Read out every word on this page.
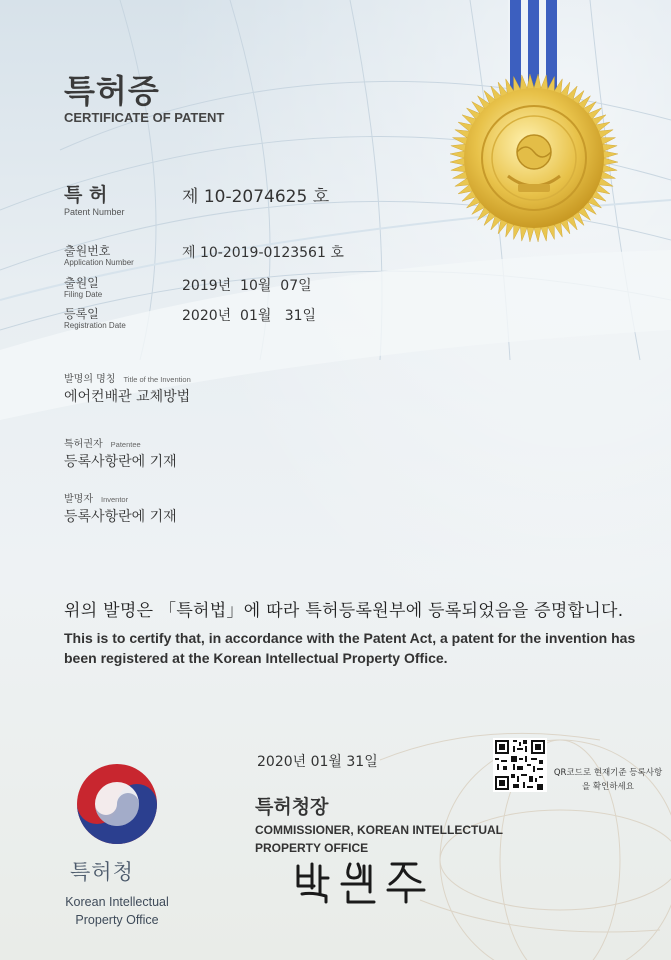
특허증
CERTIFICATE OF PATENT
특 허
Patent Number
제 10-2074625 호
출원번호
Application Number
제 10-2019-0123561 호
출원일
Filing Date
2019년  10월  07일
등록일
Registration Date
2020년  01월   31일
발명의 명칭 Title of the Invention
에어컨배관 교체방법
특허권자 Patentee
등록사항란에 기재
발명자 Inventor
등록사항란에 기재
위의 발명은 「특허법」에 따라 특허등록원부에 등록되었음을 증명합니다.
This is to certify that, in accordance with the Patent Act, a patent for the invention has been registered at the Korean Intellectual Property Office.
2020년 01월 31일
특허청장
COMMISSIONER, KOREAN INTELLECTUAL PROPERTY OFFICE
QR코드로 현재기준 등록사항을 확인하세요
특허청
Korean Intellectual Property Office
